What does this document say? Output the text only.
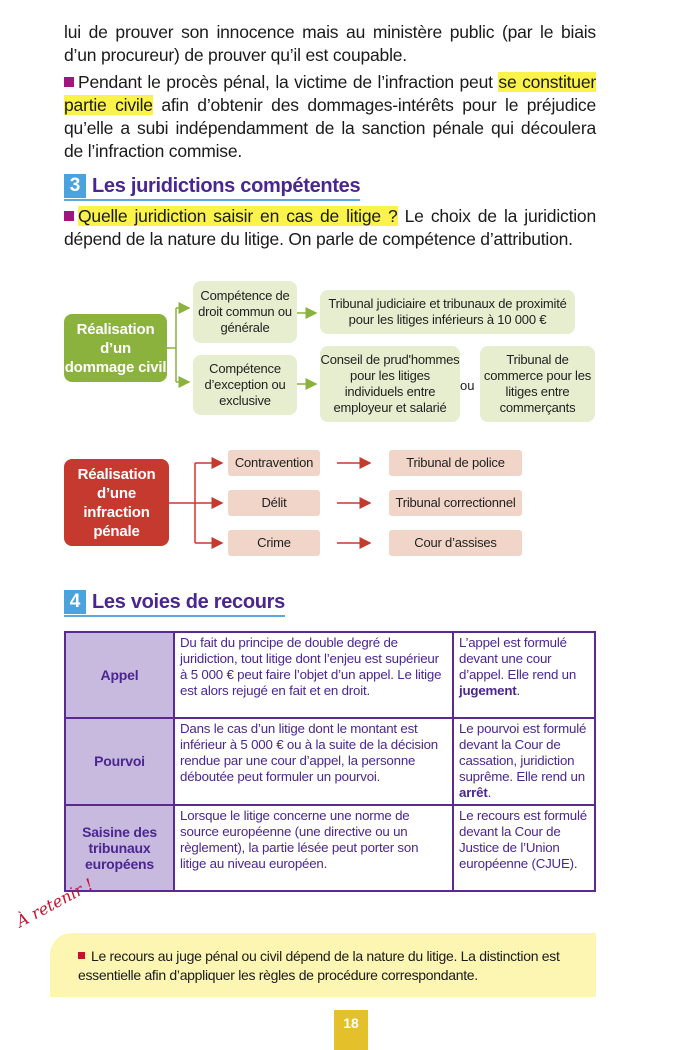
lui de prouver son innocence mais au ministère public (par le biais d’un procureur) de prouver qu’il est coupable.

Pendant le procès pénal, la victime de l’infraction peut se constituer partie civile afin d’obtenir des dommages-intérêts pour le préjudice qu’elle a subi indépendamment de la sanction pénale qui découlera de l’infraction commise.

3 Les juridictions compétentes

Quelle juridiction saisir en cas de litige ? Le choix de la juridiction dépend de la nature du litige. On parle de compétence d’attribution.

Réalisation d’un dommage civil
Compétence de droit commun ou générale
Tribunal judiciaire et tribunaux de proximité pour les litiges inférieurs à 10 000 €
Compétence d’exception ou exclusive
Conseil de prud'hommes pour les litiges individuels entre employeur et salarié
ou
Tribunal de commerce pour les litiges entre commerçants
Réalisation d’une infraction pénale
Contravention
Délit
Crime
Tribunal de police
Tribunal correctionnel
Cour d’assises
4 Les voies de recours
Appel	Du fait du principe de double degré de juridiction, tout litige dont l’enjeu est supérieur à 5 000 € peut faire l’objet d’un appel. Le litige est alors rejugé en fait et en droit.	L’appel est formulé devant une cour d’appel. Elle rend un jugement.
Pourvoi	Dans le cas d’un litige dont le montant est inférieur à 5 000 € ou à la suite de la décision rendue par une cour d’appel, la personne déboutée peut formuler un pourvoi.	Le pourvoi est formulé devant la Cour de cassation, juridiction suprême. Elle rend un arrêt.
Saisine des tribunaux européens	Lorsque le litige concerne une norme de source européenne (une directive ou un règlement), la partie lésée peut porter son litige au niveau européen.	Le recours est formulé devant la Cour de Justice de l’Union européenne (CJUE).
À retenir !
Le recours au juge pénal ou civil dépend de la nature du litige. La distinction est essentielle afin d’appliquer les règles de procédure correspondante.
18
